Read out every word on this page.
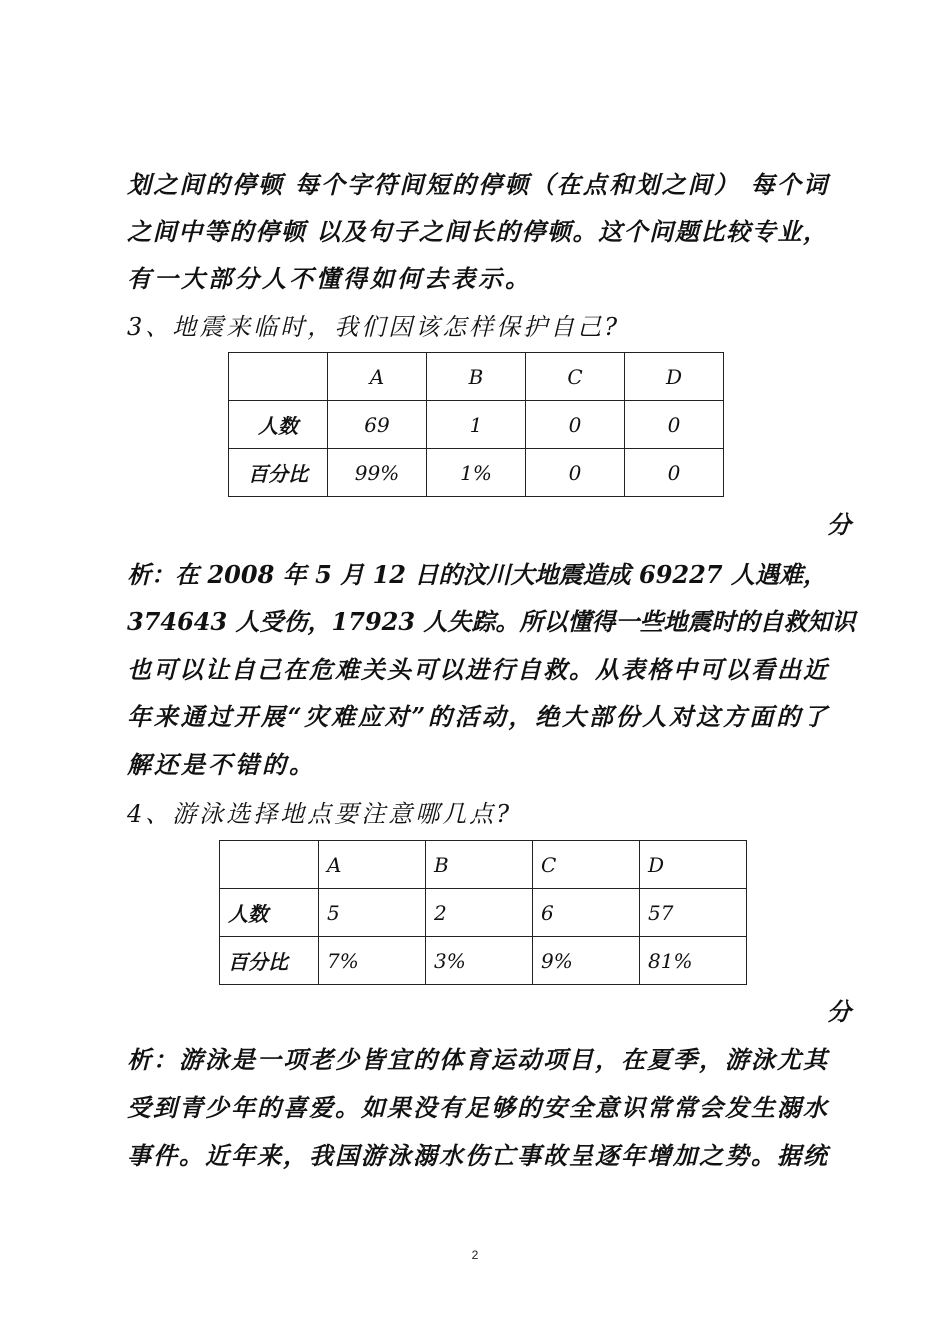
划之间的停顿 每个字符间短的停顿（在点和划之间） 每个词
之间中等的停顿 以及句子之间长的停顿。这个问题比较专业，
有一大部分人不懂得如何去表示。
3、地震来临时，我们因该怎样保护自己?
	A	B	C	D
人数	69	1	0	0
百分比	99%	1%	0	0
分
析：在 2008 年 5 月 12 日的汶川大地震造成 69227 人遇难，
374643 人受伤，17923 人失踪。所以懂得一些地震时的自救知识
也可以让自己在危难关头可以进行自救。从表格中可以看出近
年来通过开展“灾难应对”的活动，绝大部份人对这方面的了
解还是不错的。
4、游泳选择地点要注意哪几点?
	A	B	C	D
人数	5	2	6	57
百分比	7%	3%	9%	81%
分
析：游泳是一项老少皆宜的体育运动项目，在夏季，游泳尤其
受到青少年的喜爱。如果没有足够的安全意识常常会发生溺水
事件。近年来，我国游泳溺水伤亡事故呈逐年增加之势。据统
2
